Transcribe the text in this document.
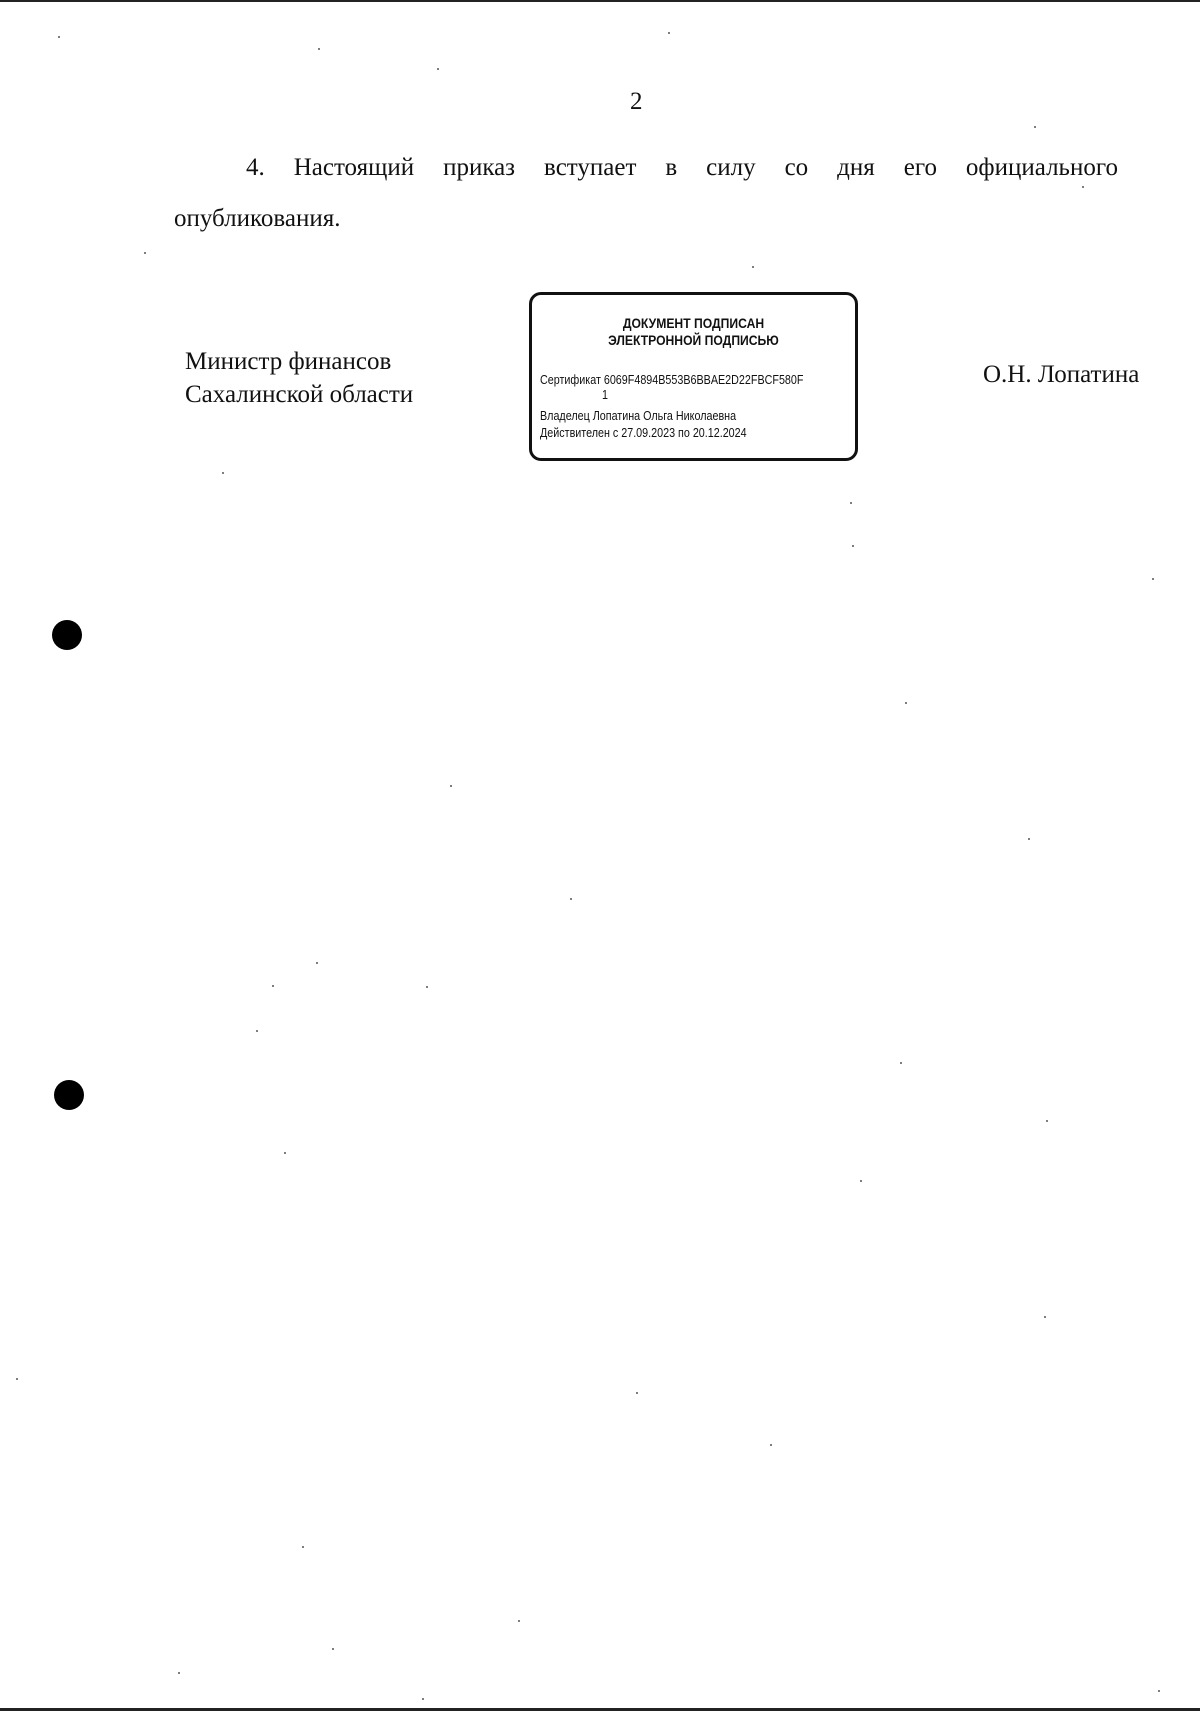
2
4. Настоящий приказ вступает в силу со дня его официального
опубликования.
Министр финансов
Сахалинской области
ДОКУМЕНТ ПОДПИСАН
ЭЛЕКТРОННОЙ ПОДПИСЬЮ
Сертификат 6069F4894B553B6BBAE2D22FBCF580F
1
Владелец Лопатина Ольга Николаевна
Действителен с 27.09.2023 по 20.12.2024
О.Н. Лопатина
